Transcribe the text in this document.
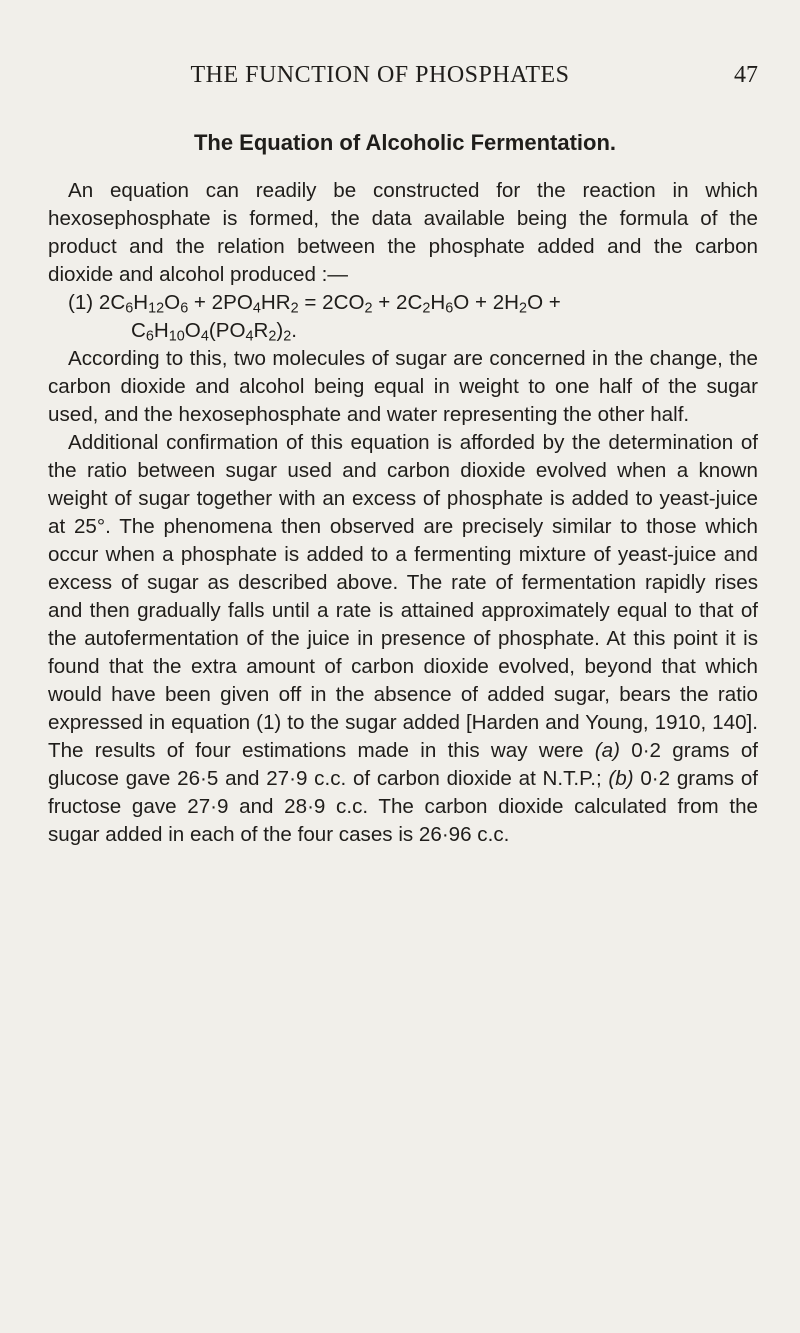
THE FUNCTION OF PHOSPHATES	47
The Equation of Alcoholic Fermentation.

An equation can readily be constructed for the reaction in which hexosephosphate is formed, the data available being the formula of the product and the relation between the phosphate added and the carbon dioxide and alcohol produced :—

(1) $2C_6H_{12}O_6 + 2PO_4HR_2 = 2CO_2 + 2C_2H_6O + 2H_2O$ +
$C_6H_{10}O_4(PO_4R_2)_2$.

According to this, two molecules of sugar are concerned in the change, the carbon dioxide and alcohol being equal in weight to one half of the sugar used, and the hexosephosphate and water representing the other half.

Additional confirmation of this equation is afforded by the determination of the ratio between sugar used and carbon dioxide evolved when a known weight of sugar together with an excess of phosphate is added to yeast-juice at 25°. The phenomena then observed are precisely similar to those which occur when a phosphate is added to a fermenting mixture of yeast-juice and excess of sugar as described above. The rate of fermentation rapidly rises and then gradually falls until a rate is attained approximately equal to that of the autofermentation of the juice in presence of phosphate. At this point it is found that the extra amount of carbon dioxide evolved, beyond that which would have been given off in the absence of added sugar, bears the ratio expressed in equation (1) to the sugar added [Harden and Young, 1910, 140]. The results of four estimations made in this way were (a) 0·2 grams of glucose gave 26·5 and 27·9 c.c. of carbon dioxide at N.T.P.; (b) 0·2 grams of fructose gave 27·9 and 28·9 c.c. The carbon dioxide calculated from the sugar added in each of the four cases is 26·96 c.c.
